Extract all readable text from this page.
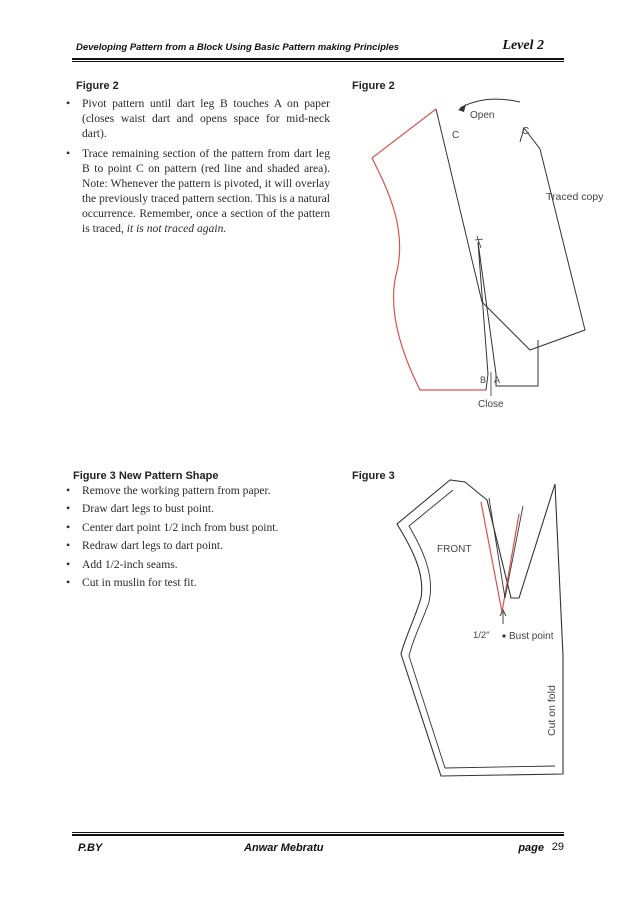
Developing Pattern from a Block Using Basic Pattern making Principles	Level 2
Figure 2
• Pivot pattern until dart leg B touches A on paper (closes waist dart and opens space for mid-neck dart).
• Trace remaining section of the pattern from dart leg B to point C on pattern (red line and shaded area). Note: Whenever the pattern is pivoted, it will overlay the previously traced pattern section. This is a natural occurrence. Remember, once a section of the pattern is traced, it is not traced again.
Figure 2
Open
C	C
Traced copy
B A
Close
Figure 3 New Pattern Shape
• Remove the working pattern from paper.
• Draw dart legs to bust point.
• Center dart point 1/2 inch from bust point.
• Redraw dart legs to dart point.
• Add 1/2-inch seams.
• Cut in muslin for test fit.
Figure 3
FRONT
1/2" Bust point
Cut on fold
P.BY	Anwar Mebratu	page 29
